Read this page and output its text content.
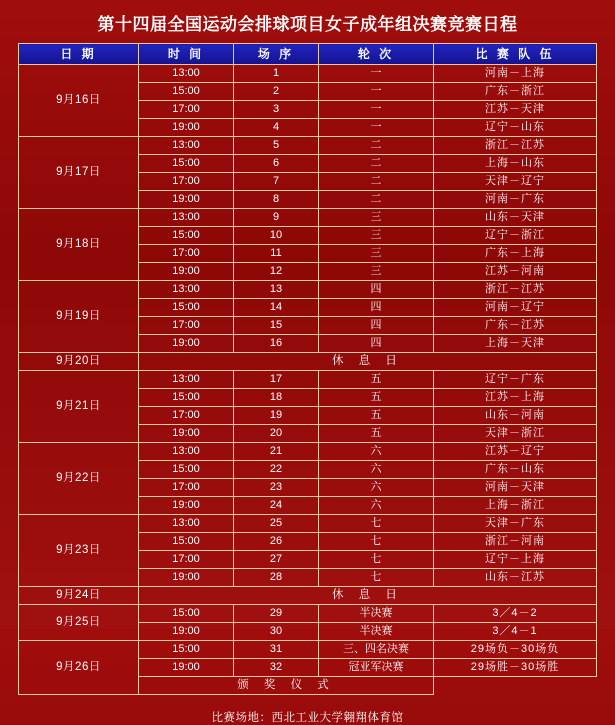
第十四届全国运动会排球项目女子成年组决赛竞赛日程
日 期	时 间	场 序	轮 次	比 赛 队 伍
9月16日	13:00	1	一	河南－上海
	15:00	2	一	广东－浙江
	17:00	3	一	江苏－天津
	19:00	4	一	辽宁－山东
9月17日	13:00	5	二	浙江－江苏
	15:00	6	二	上海－山东
	17:00	7	二	天津－辽宁
	19:00	8	二	河南－广东
9月18日	13:00	9	三	山东－天津
	15:00	10	三	辽宁－浙江
	17:00	11	三	广东－上海
	19:00	12	三	江苏－河南
9月19日	13:00	13	四	浙江－江苏
	15:00	14	四	河南－辽宁
	17:00	15	四	广东－江苏
	19:00	16	四	上海－天津
9月20日	休 息 日			
9月21日	13:00	17	五	辽宁－广东
	15:00	18	五	江苏－上海
	17:00	19	五	山东－河南
	19:00	20	五	天津－浙江
9月22日	13:00	21	六	江苏－辽宁
	15:00	22	六	广东－山东
	17:00	23	六	河南－天津
	19:00	24	六	上海－浙江
9月23日	13:00	25	七	天津－广东
	15:00	26	七	浙江－河南
	17:00	27	七	辽宁－上海
	19:00	28	七	山东－江苏
9月24日	休 息 日			
9月25日	15:00	29	半决赛	3／4－2
	19:00	30	半决赛	3／4－1
9月26日	15:00	31	三、四名决赛	29场负－30场负
	19:00	32	冠亚军决赛	29场胜－30场胜
	颁 奖 仪 式			
比赛场地：西北工业大学翱翔体育馆
